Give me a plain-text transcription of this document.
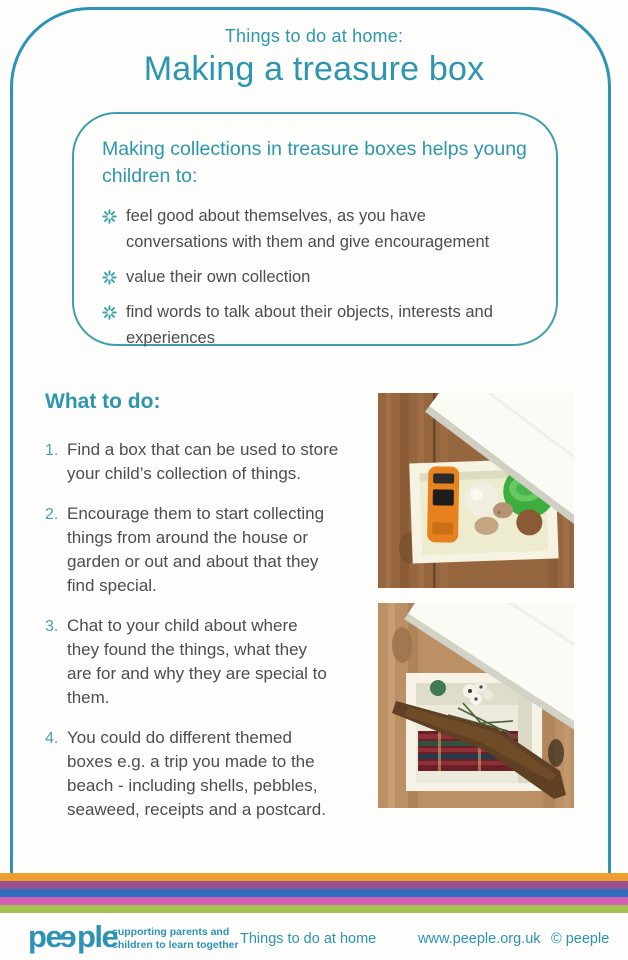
Things to do at home:
Making a treasure box
Making collections in treasure boxes helps young
children to:
feel good about themselves, as you have
conversations with them and give encouragement
value their own collection
find words to talk about their objects, interests and
experiences
What to do:
1. Find a box that can be used to store
your child’s collection of things.
2. Encourage them to start collecting
things from around the house or
garden or out and about that they
find special.
3. Chat to your child about where
they found the things, what they
are for and why they are special to
them.
4. You could do different themed
boxes e.g. a trip you made to the
beach - including shells, pebbles,
seaweed, receipts and a postcard.
peeple
supporting parents and
children to learn together Things to do at home	www.peeple.org.uk © peeple
